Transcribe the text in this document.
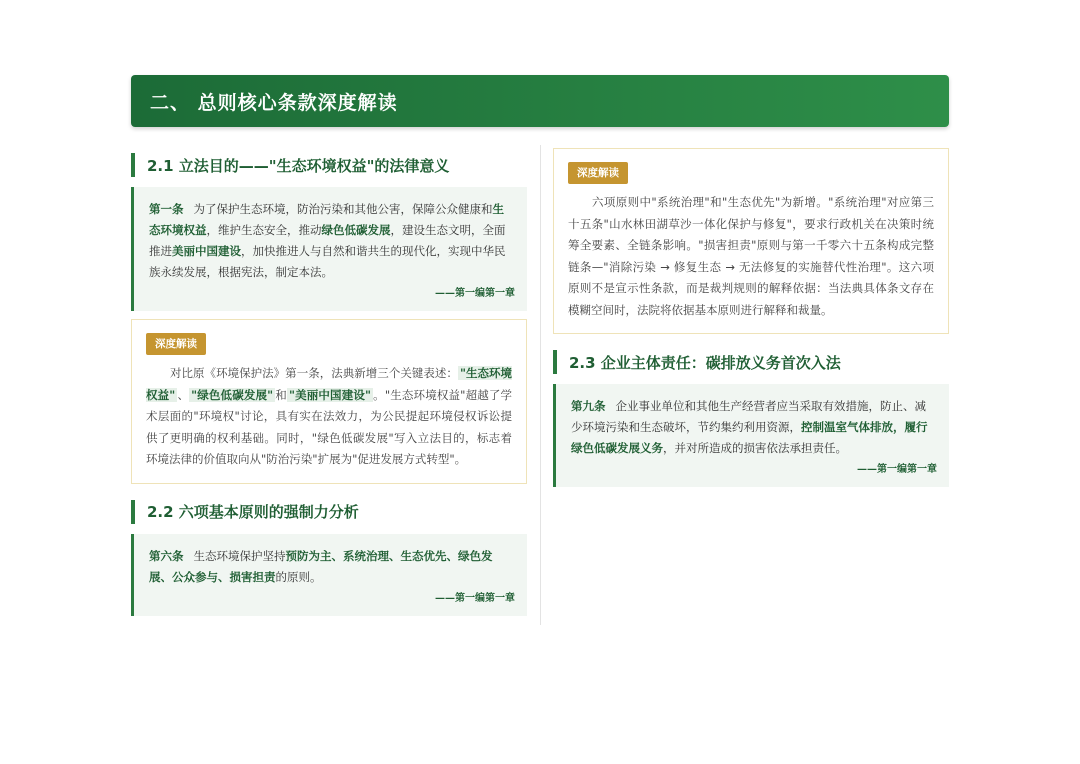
二、 总则核心条款深度解读
2.1 立法目的——"生态环境权益"的法律意义
第一条 为了保护生态环境，防治污染和其他公害，保障公众健康和生态环境权益，维护生态安全，推动绿色低碳发展，建设生态文明，全面推进美丽中国建设，加快推进人与自然和谐共生的现代化，实现中华民族永续发展，根据宪法，制定本法。
——第一编第一章
深度解读
对比原《环境保护法》第一条，法典新增三个关键表述： "生态环境权益" 、 "绿色低碳发展" 和 "美丽中国建设" 。"生态环境权益"超越了学术层面的"环境权"讨论，具有实在法效力，为公民提起环境侵权诉讼提供了更明确的权利基础。同时，"绿色低碳发展"写入立法目的，标志着环境法律的价值取向从"防治污染"扩展为"促进发展方式转型"。
2.2 六项基本原则的强制力分析
第六条 生态环境保护坚持预防为主、系统治理、生态优先、绿色发展、公众参与、损害担责的原则。
——第一编第一章
深度解读
六项原则中"系统治理"和"生态优先"为新增。"系统治理"对应第三十五条"山水林田湖草沙一体化保护与修复"，要求行政机关在决策时统筹全要素、全链条影响。"损害担责"原则与第一千零六十五条构成完整链条—"消除污染 → 修复生态 → 无法修复的实施替代性治理"。这六项原则不是宣示性条款，而是裁判规则的解释依据：当法典具体条文存在模糊空间时，法院将依据基本原则进行解释和裁量。
2.3 企业主体责任：碳排放义务首次入法
第九条 企业事业单位和其他生产经营者应当采取有效措施，防止、减少环境污染和生态破坏，节约集约利用资源，控制温室气体排放，履行绿色低碳发展义务，并对所造成的损害依法承担责任。
——第一编第一章
